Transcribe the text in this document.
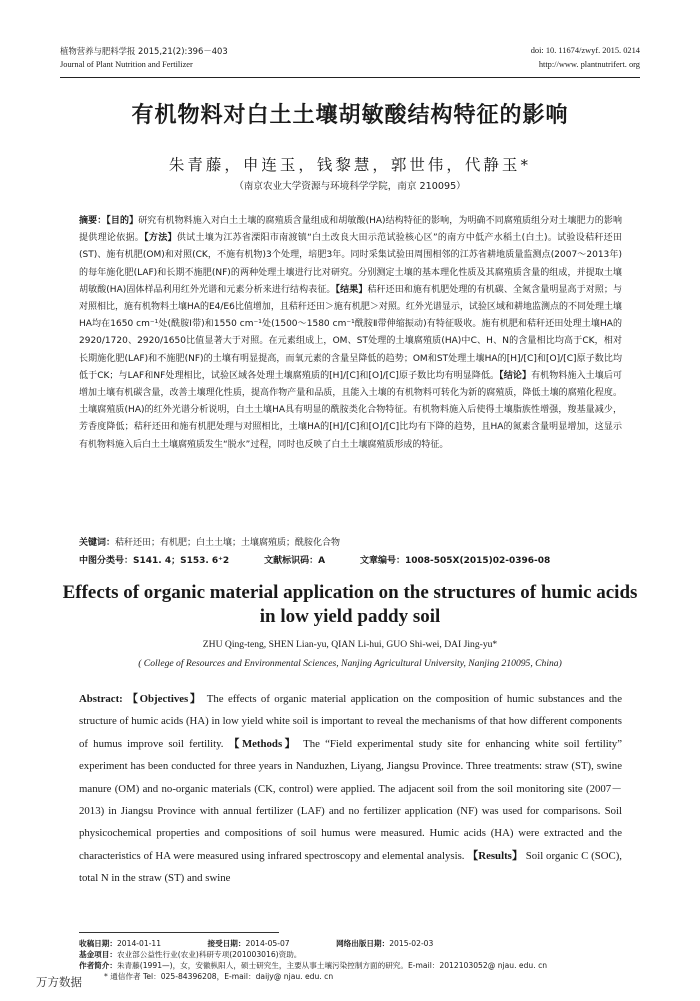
植物营养与肥料学报 2015,21(2):396－403
Journal of Plant Nutrition and Fertilizer
doi: 10. 11674/zwyf. 2015. 0214
http://www. plantnutrifert. org
有机物料对白土土壤胡敏酸结构特征的影响
朱青藤，申连玉，钱黎慧，郭世伟，代静玉*
（南京农业大学资源与环境科学学院，南京 210095）
摘要：【目的】研究有机物料施入对白土土壤的腐殖质含量组成和胡敏酸(HA)结构特征的影响，为明确不同腐殖质组分对土壤肥力的影响提供理论依据。【方法】供试土壤为江苏省溧阳市南渡镇“白土改良大田示范试验核心区”的南方中低产水稻土(白土)。试验设秸秆还田(ST)、施有机肥(OM)和对照(CK，不施有机物)3个处理，培肥3年。同时采集试验田周围相邻的江苏省耕地质量监测点(2007～2013年)的每年施化肥(LAF)和长期不施肥(NF)的两种处理土壤进行比对研究。分别测定土壤的基本理化性质及其腐殖质含量的组成，并提取土壤胡敏酸(HA)固体样品利用红外光谱和元素分析来进行结构表征。【结果】秸秆还田和施有机肥处理的有机碳、全氮含量明显高于对照；与对照相比，施有机物料土壤HA的E4/E6比值增加，且秸秆还田＞施有机肥＞对照。红外光谱显示，试验区域和耕地监测点的不同处理土壤HA均在1650 cm⁻¹处(酰胺Ⅰ带)和1550 cm⁻¹处(1500～1580 cm⁻¹酰胺Ⅱ带伸缩振动)有特征吸收。施有机肥和秸秆还田处理土壤HA的2920/1720、2920/1650比值显著大于对照。在元素组成上，OM、ST处理的土壤腐殖质(HA)中C、H、N的含量相比均高于CK，相对长期施化肥(LAF)和不施肥(NF)的土壤有明显提高，而氧元素的含量呈降低的趋势；OM和ST处理土壤HA的[H]/[C]和[O]/[C]原子数比均低于CK；与LAF和NF处理相比，试验区域各处理土壤腐殖质的[H]/[C]和[O]/[C]原子数比均有明显降低。【结论】有机物料施入土壤后可增加土壤有机碳含量，改善土壤理化性质，提高作物产量和品质，且能入土壤的有机物料可转化为新的腐殖质，降低土壤的腐殖化程度。土壤腐殖质(HA)的红外光谱分析说明，白土土壤HA具有明显的酰胺类化合物特征。有机物料施入后使得土壤脂族性增强，羧基量减少，芳香度降低；秸秆还田和施有机肥处理与对照相比，土壤HA的[H]/[C]和[O]/[C]比均有下降的趋势，且HA的氮素含量明显增加，这显示有机物料施入后白土土壤腐殖质发生“脱水”过程，同时也反映了白土土壤腐殖质形成的特征。
关键词：秸秆还田；有机肥；白土土壤；土壤腐殖质；酰胺化合物
中图分类号：S141. 4；S153. 6⁺2	文献标识码：A	文章编号：1008-505X(2015)02-0396-08
Effects of organic material application on the structures of humic acids in low yield paddy soil
ZHU Qing-teng, SHEN Lian-yu, QIAN Li-hui, GUO Shi-wei, DAI Jing-yu*
( College of Resources and Environmental Sciences, Nanjing Agricultural University, Nanjing 210095, China)
Abstract: 【Objectives】 The effects of organic material application on the composition of humic substances and the structure of humic acids (HA) in low yield white soil is important to reveal the mechanisms of that how different components of humus improve soil fertility. 【Methods】 The “Field experimental study site for enhancing white soil fertility” experiment has been conducted for three years in Nanduzhen, Liyang, Jiangsu Province. Three treatments: straw (ST), swine manure (OM) and no-organic materials (CK, control) were applied. The adjacent soil from the soil monitoring site (2007－2013) in Jiangsu Province with annual fertilizer (LAF) and no fertilizer application (NF) was used for comparisons. Soil physicochemical properties and compositions of soil humus were measured. Humic acids (HA) were extracted and the characteristics of HA were measured using infrared spectroscopy and elemental analysis. 【Results】 Soil organic C (SOC), total N in the straw (ST) and swine
收稿日期：2014-01-11	接受日期：2014-05-07	网络出版日期：2015-02-03
基金项目：农业部公益性行业(农业)科研专项(201003016)资助。
作者简介：朱青藤(1991—)，女，安徽枞阳人，硕士研究生，主要从事土壤污染控制方面的研究。E-mail：2012103052@ njau. edu. cn
* 通信作者 Tel：025-84396208，E-mail：daijy@ njau. edu. cn
万方数据
